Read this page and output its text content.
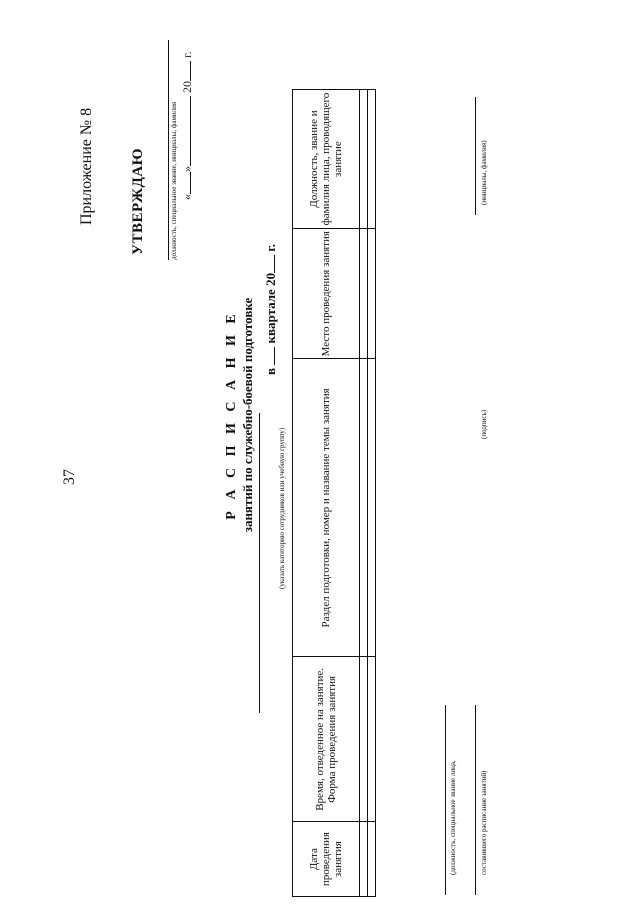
37
Приложение № 8 УТВЕРЖДАЮ	должность, специальное звание, инициалы, фамилия «» 20 г.
Р А С П И С А Н И Е занятий по служебно-боевой подготовке в  квартале 20 г.
(указать категорию сотрудников или учебную группу)
Дата проведения занятия	Время, отведенное на занятие. Форма проведения занятия	Раздел подготовки, номер и название темы занятия	Место проведения занятия	Должность, звание и фамилия лица, проводящего занятие

(должность, специальное звание лица,	составившего расписание занятий)
(подпись)
(инициалы, фамилия)
